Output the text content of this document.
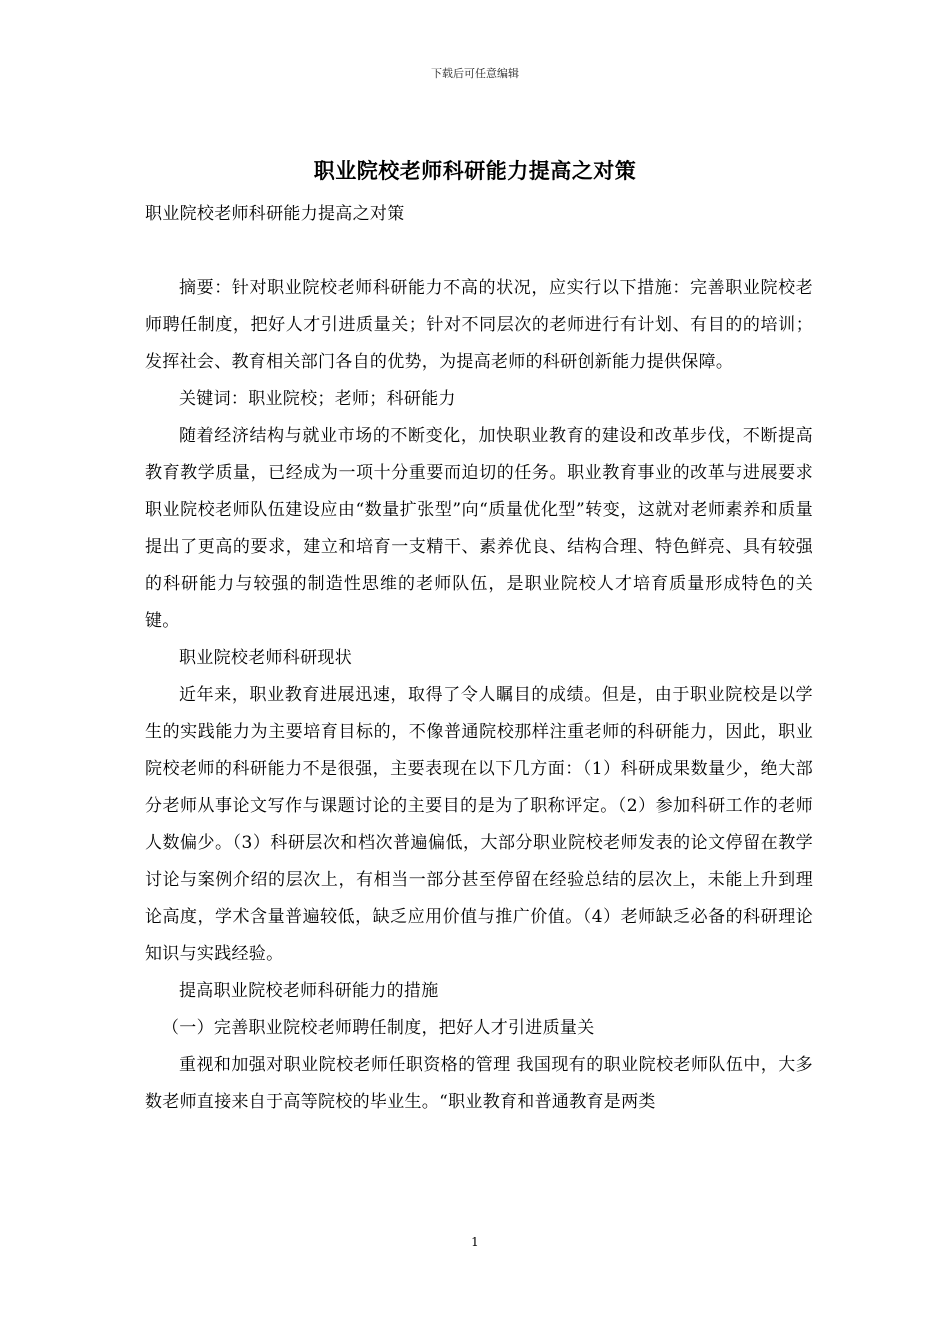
下载后可任意编辑
职业院校老师科研能力提高之对策

职业院校老师科研能力提高之对策

摘要：针对职业院校老师科研能力不高的状况，应实行以下措施：完善职业院校老师聘任制度，把好人才引进质量关；针对不同层次的老师进行有计划、有目的的培训；发挥社会、教育相关部门各自的优势，为提高老师的科研创新能力提供保障。

关键词：职业院校；老师；科研能力

随着经济结构与就业市场的不断变化，加快职业教育的建设和改革步伐，不断提高教育教学质量，已经成为一项十分重要而迫切的任务。职业教育事业的改革与进展要求职业院校老师队伍建设应由“数量扩张型”向“质量优化型”转变，这就对老师素养和质量提出了更高的要求，建立和培育一支精干、素养优良、结构合理、特色鲜亮、具有较强的科研能力与较强的制造性思维的老师队伍，是职业院校人才培育质量形成特色的关键。

职业院校老师科研现状

近年来，职业教育进展迅速，取得了令人瞩目的成绩。但是，由于职业院校是以学生的实践能力为主要培育目标的，不像普通院校那样注重老师的科研能力，因此，职业院校老师的科研能力不是很强，主要表现在以下几方面：（1）科研成果数量少，绝大部分老师从事论文写作与课题讨论的主要目的是为了职称评定。（2）参加科研工作的老师人数偏少。（3）科研层次和档次普遍偏低，大部分职业院校老师发表的论文停留在教学讨论与案例介绍的层次上，有相当一部分甚至停留在经验总结的层次上，未能上升到理论高度，学术含量普遍较低，缺乏应用价值与推广价值。（4）老师缺乏必备的科研理论知识与实践经验。

提高职业院校老师科研能力的措施

（一）完善职业院校老师聘任制度，把好人才引进质量关

重视和加强对职业院校老师任职资格的管理 我国现有的职业院校老师队伍中，大多数老师直接来自于高等院校的毕业生。“职业教育和普通教育是两类

1
